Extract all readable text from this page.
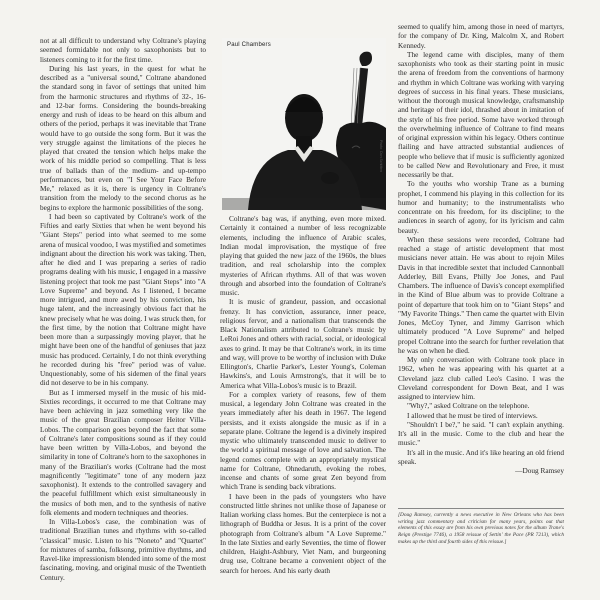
not at all difficult to understand why Coltrane's playing seemed formidable not only to saxophonists but to listeners coming to it for the first time.

During his last years, in the quest for what he described as a "universal sound," Coltrane abandoned the standard song in favor of settings that united him from the harmonic structures and rhythms of 32-, 16- and 12-bar forms. Considering the bounds-breaking energy and rush of ideas to be heard on this album and others of the period, perhaps it was inevitable that Trane would have to go outside the song form. But it was the very struggle against the limitations of the pieces he played that created the tension which helps make the work of his middle period so compelling. That is less true of ballads than of the medium- and up-tempo performances, but even on "I See Your Face Before Me," relaxed as it is, there is urgency in Coltrane's transition from the melody to the second chorus as he begins to explore the harmonic possibilities of the song.

I had been so captivated by Coltrane's work of the Fifties and early Sixties that when he went beyond his "Giant Steps" period into what seemed to me some arena of musical voodoo, I was mystified and sometimes indignant about the direction his work was taking. Then, after he died and I was preparing a series of radio programs dealing with his music, I engaged in a massive listening project that took me past "Giant Steps" into "A Love Supreme" and beyond. As I listened, I became more intrigued, and more awed by his conviction, his huge talent, and the increasingly obvious fact that he knew precisely what he was doing. I was struck then, for the first time, by the notion that Coltrane might have been more than a surpassingly moving player, that he might have been one of the handful of geniuses that jazz music has produced. Certainly, I do not think everything he recorded during his "free" period was of value. Unquestionably, some of his sidemen of the final years did not deserve to be in his company.

But as I immersed myself in the music of his mid-Sixties recordings, it occurred to me that Coltrane may have been achieving in jazz something very like the music of the great Brazilian composer Heitor Villa-Lobos. The comparison goes beyond the fact that some of Coltrane's later compositions sound as if they could have been written by Villa-Lobos, and beyond the similarity in tone of Coltrane's horn to the saxophones in many of the Brazilian's works (Coltrane had the most magnificently "legitimate" tone of any modern jazz saxophonist). It extends to the controlled savagery and the peaceful fulfillment which exist simultaneously in the musics of both men, and to the synthesis of native folk elements and modern techniques and theories.

In Villa-Lobos's case, the combination was of traditional Brazilian tunes and rhythms with so-called "classical" music. Listen to his "Noneto" and "Quartet" for mixtures of samba, folksong, primitive rhythms, and Ravel-like impressionism blended into some of the most fascinating, moving, and original music of the Twentieth Century.

Paul Chambers
Photo: Don Schlitten

Coltrane's bag was, if anything, even more mixed. Certainly it contained a number of less recognizable elements, including the influence of Arabic scales, Indian modal improvisation, the mystique of free playing that guided the new jazz of the 1960s, the blues tradition, and real scholarship into the complex mysteries of African rhythms. All of that was woven through and absorbed into the foundation of Coltrane's music.

It is music of grandeur, passion, and occasional frenzy. It has conviction, assurance, inner peace, religious fervor, and a nationalism that transcends the Black Nationalism attributed to Coltrane's music by LeRoi Jones and others with racial, social, or ideological axes to grind. It may be that Coltrane's work, in its time and way, will prove to be worthy of inclusion with Duke Ellington's, Charlie Parker's, Lester Young's, Coleman Hawkins's, and Louis Armstrong's, that it will be to America what Villa-Lobos's music is to Brazil.

For a complex variety of reasons, few of them musical, a legendary John Coltrane was created in the years immediately after his death in 1967. The legend persists, and it exists alongside the music as if in a separate plane. Coltrane the legend is a divinely inspired mystic who ultimately transcended music to deliver to the world a spiritual message of love and salvation. The legend comes complete with an appropriately mystical name for Coltrane, Ohnedaruth, evoking the robes, incense and chants of some great Zen beyond from which Trane is sending back vibrations.

I have been in the pads of youngsters who have constructed little shrines not unlike those of Japanese or Italian working class homes. But the centerpiece is not a lithograph of Buddha or Jesus. It is a print of the cover photograph from Coltrane's album "A Love Supreme." In the late Sixties and early Seventies, the time of flower children, Haight-Ashbury, Viet Nam, and burgeoning drug use, Coltrane became a convenient object of the search for heroes. And his early death

seemed to qualify him, among those in need of martyrs, for the company of Dr. King, Malcolm X, and Robert Kennedy.

The legend came with disciples, many of them saxophonists who took as their starting point in music the arena of freedom from the conventions of harmony and rhythm in which Coltrane was working with varying degrees of success in his final years. These musicians, without the thorough musical knowledge, craftsmanship and heritage of their idol, thrashed about in imitation of the style of his free period. Some have worked through the overwhelming influence of Coltrane to find means of original expression within his legacy. Others continue flailing and have attracted substantial audiences of people who believe that if music is sufficiently agonized to be called New and Revolutionary and Free, it must necessarily be that.

To the youths who worship Trane as a burning prophet, I commend his playing in this collection for its humor and humanity; to the instrumentalists who concentrate on his freedom, for its discipline; to the audiences in search of agony, for its lyricism and calm beauty.

When these sessions were recorded, Coltrane had reached a stage of artistic development that most musicians never attain. He was about to rejoin Miles Davis in that incredible sextet that included Cannonball Adderley, Bill Evans, Philly Joe Jones, and Paul Chambers. The influence of Davis's concept exemplified in the Kind of Blue album was to provide Coltrane a point of departure that took him on to "Giant Steps" and "My Favorite Things." Then came the quartet with Elvin Jones, McCoy Tyner, and Jimmy Garrison which ultimately produced "A Love Supreme" and helped propel Coltrane into the search for further revelation that he was on when he died.

My only conversation with Coltrane took place in 1962, when he was appearing with his quartet at a Cleveland jazz club called Leo's Casino. I was the Cleveland correspondent for Down Beat, and I was assigned to interview him.

"Why?," asked Coltrane on the telephone.

I allowed that he must be tired of interviews.

"Shouldn't I be?," he said. "I can't explain anything. It's all in the music. Come to the club and hear the music."

It's all in the music. And it's like hearing an old friend speak.

—Doug Ramsey

[Doug Ramsey, currently a news executive in New Orleans who has been writing jazz commentary and criticism for many years, points out that elements of this essay are from his own previous notes for the album Trane's Reign (Prestige 7746), a 1958 reissue of Settin' the Pace (PR 7213), which makes up the third and fourth sides of this reissue.]
